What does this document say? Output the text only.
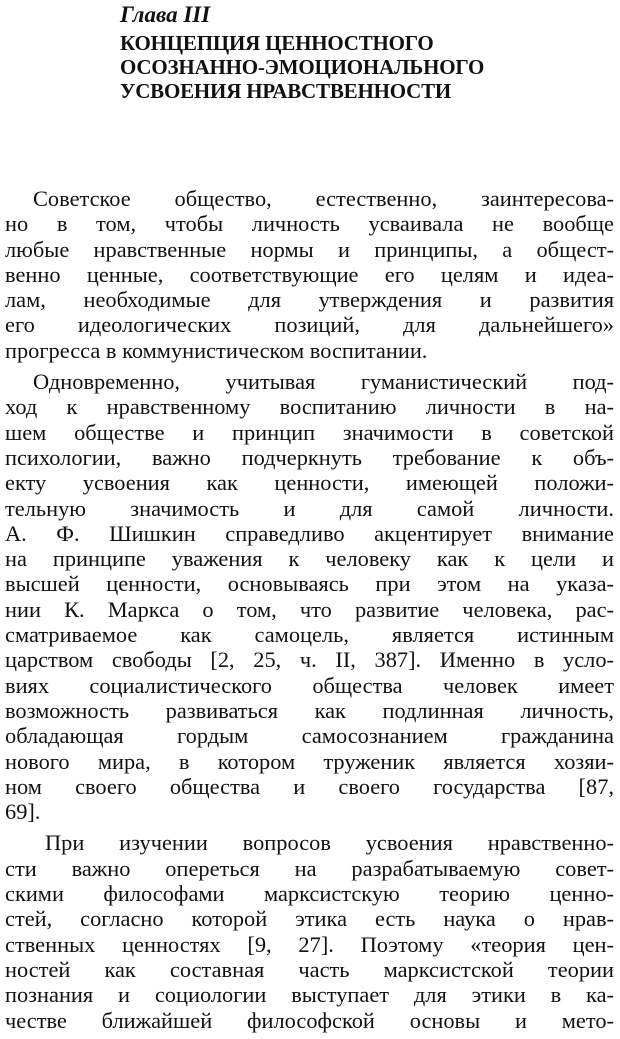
Глава III
КОНЦЕПЦИЯ ЦЕННОСТНОГО
ОСОЗНАННО-ЭМОЦИОНАЛЬНОГО
УСВОЕНИЯ НРАВСТВЕННОСТИ

Советское общество, естественно, заинтересова-
но в том, чтобы личность усваивала не вообще
любые нравственные нормы и принципы, а общест-
венно ценные, соответствующие его целям и идеа-
лам, необходимые для утверждения и развития
его идеологических позиций, для дальнейшего»
прогресса в коммунистическом воспитании.

Одновременно, учитывая гуманистический под-
ход к нравственному воспитанию личности в на-
шем обществе и принцип значимости в советской
психологии, важно подчеркнуть требование к объ-
екту усвоения как ценности, имеющей положи-
тельную значимость и для самой личности.
А. Ф. Шишкин справедливо акцентирует внимание
на принципе уважения к человеку как к цели и
высшей ценности, основываясь при этом на указа-
нии К. Маркса о том, что развитие человека, рас-
сматриваемое как самоцель, является истинным
царством свободы [2, 25, ч. II, 387]. Именно в усло-
виях социалистического общества человек имеет
возможность развиваться как подлинная личность,
обладающая гордым самосознанием гражданина
нового мира, в котором труженик является хозяи-
ном своего общества и своего государства [87,
69].

При изучении вопросов усвоения нравственно-
сти важно опереться на разрабатываемую совет-
скими философами марксистскую теорию ценно-
стей, согласно которой этика есть наука о нрав-
ственных ценностях [9, 27]. Поэтому «теория цен-
ностей как составная часть марксистской теории
познания и социологии выступает для этики в ка-
честве ближайшей философской основы и мето-
